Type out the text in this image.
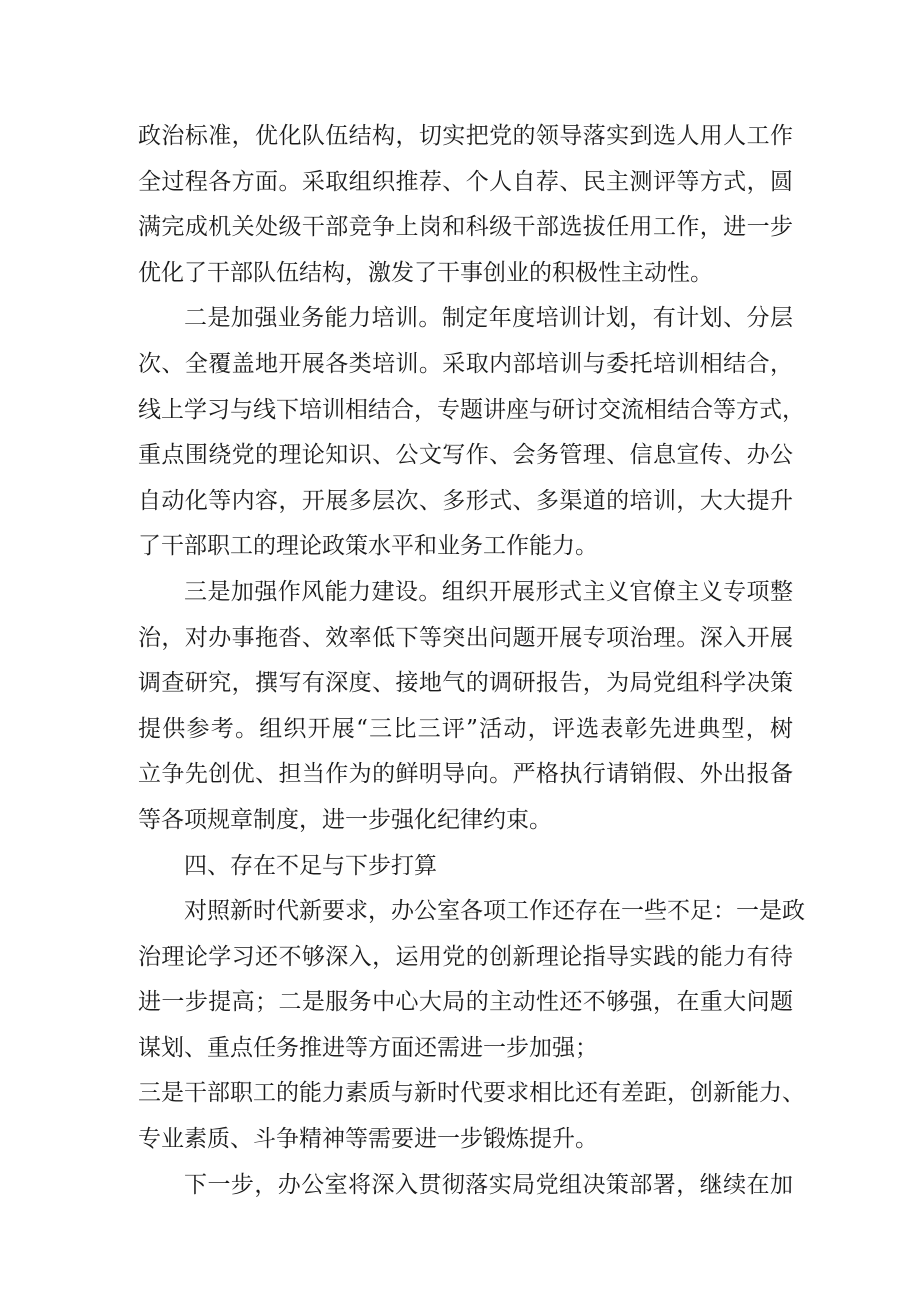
政治标准，优化队伍结构，切实把党的领导落实到选人用人工作
全过程各方面。采取组织推荐、个人自荐、民主测评等方式，圆
满完成机关处级干部竞争上岗和科级干部选拔任用工作，进一步
优化了干部队伍结构，激发了干事创业的积极性主动性。
二是加强业务能力培训。制定年度培训计划，有计划、分层
次、全覆盖地开展各类培训。采取内部培训与委托培训相结合，
线上学习与线下培训相结合，专题讲座与研讨交流相结合等方式，
重点围绕党的理论知识、公文写作、会务管理、信息宣传、办公
自动化等内容，开展多层次、多形式、多渠道的培训，大大提升
了干部职工的理论政策水平和业务工作能力。
三是加强作风能力建设。组织开展形式主义官僚主义专项整
治，对办事拖沓、效率低下等突出问题开展专项治理。深入开展
调查研究，撰写有深度、接地气的调研报告，为局党组科学决策
提供参考。组织开展“三比三评”活动，评选表彰先进典型，树
立争先创优、担当作为的鲜明导向。严格执行请销假、外出报备
等各项规章制度，进一步强化纪律约束。
四、存在不足与下步打算
对照新时代新要求，办公室各项工作还存在一些不足：一是政
治理论学习还不够深入，运用党的创新理论指导实践的能力有待
进一步提高；二是服务中心大局的主动性还不够强，在重大问题
谋划、重点任务推进等方面还需进一步加强；
三是干部职工的能力素质与新时代要求相比还有差距，创新能力、
专业素质、斗争精神等需要进一步锻炼提升。
下一步，办公室将深入贯彻落实局党组决策部署，继续在加
